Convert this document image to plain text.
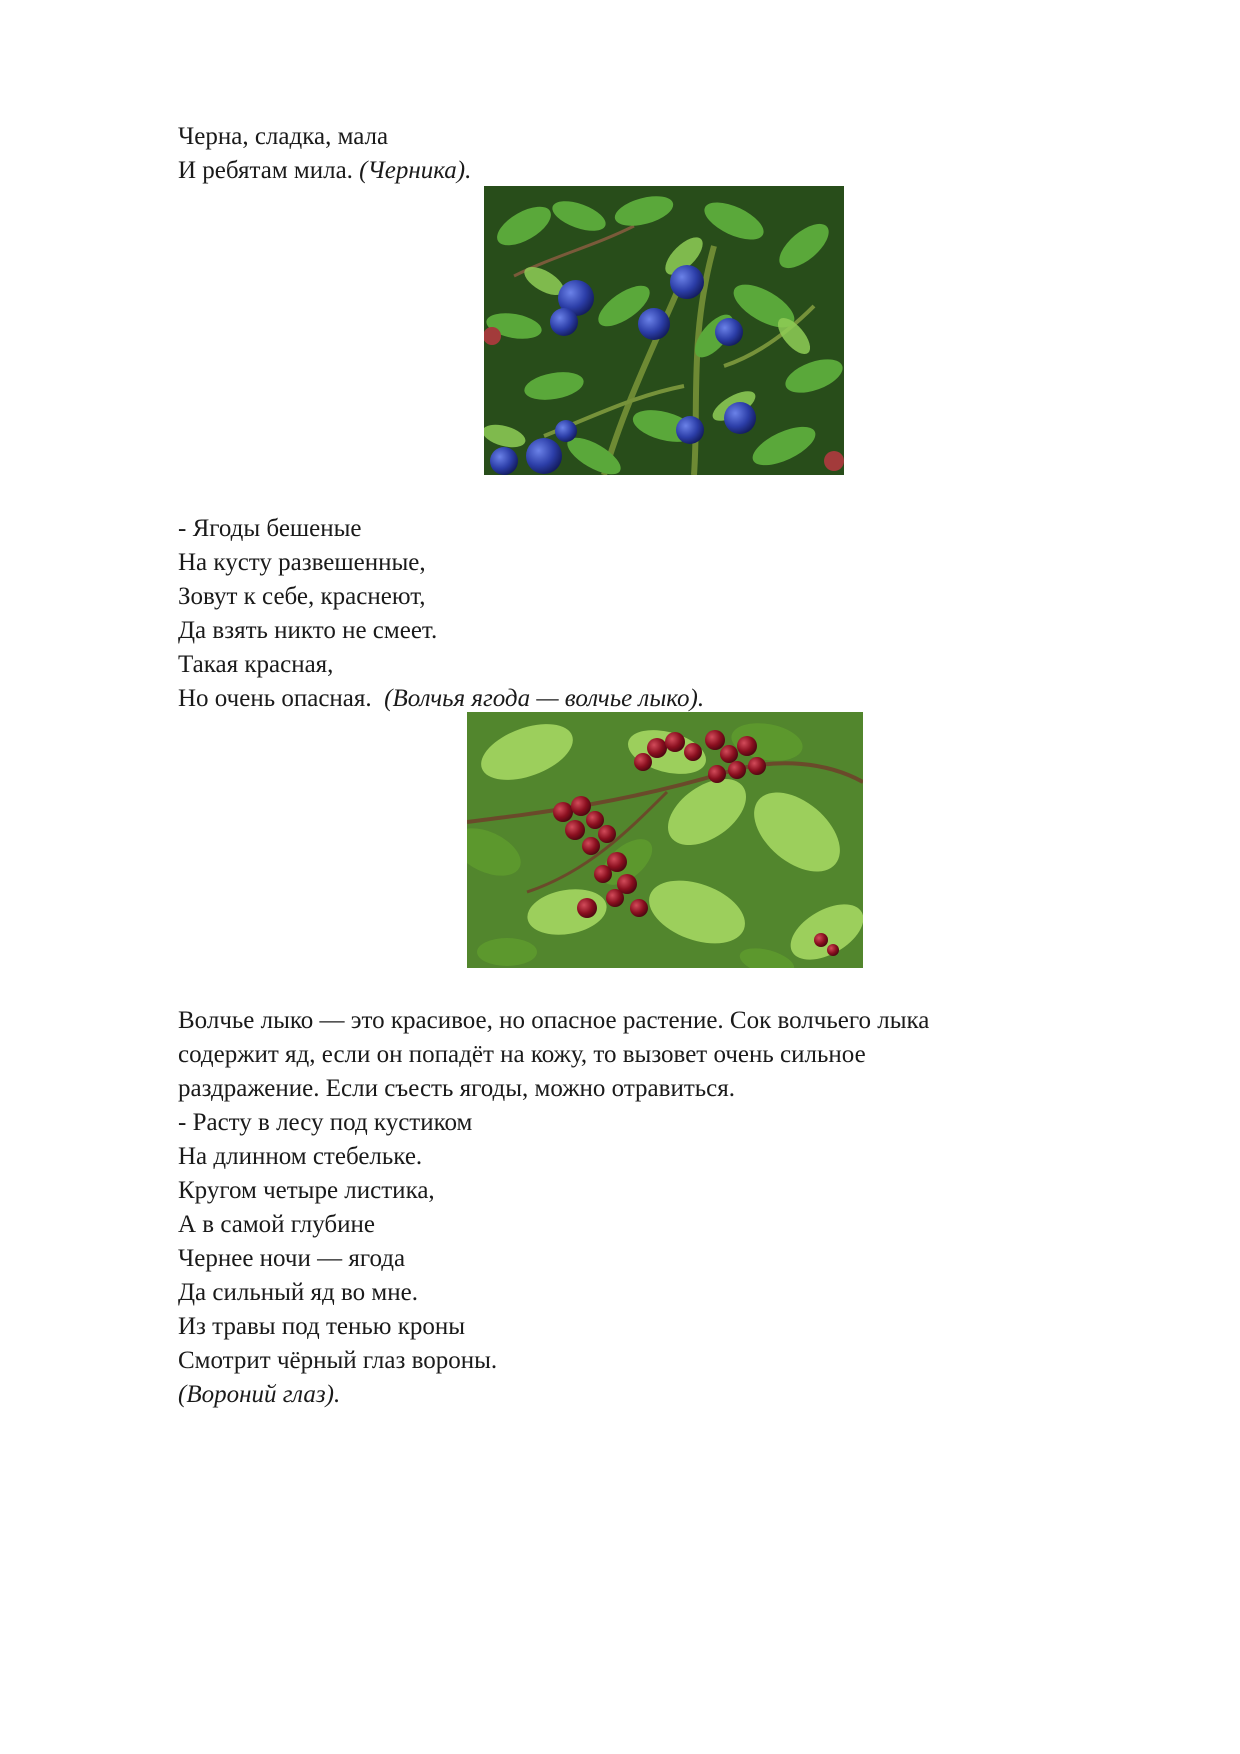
Черна, сладка, мала

И ребятам мила. (Черника).

- Ягоды бешеные

На кусту развешенные,

Зовут к себе, краснеют,

Да взять никто не смеет.

Такая красная,

Но очень опасная. (Волчья ягода — волчье лыко).

Волчье лыко — это красивое, но опасное растение. Сок волчьего лыка

содержит яд, если он попадёт на кожу, то вызовет очень сильное

раздражение. Если съесть ягоды, можно отравиться.

- Расту в лесу под кустиком

На длинном стебельке.

Кругом четыре листика,

А в самой глубине

Чернее ночи — ягода

Да сильный яд во мне.

Из травы под тенью кроны

Смотрит чёрный глаз вороны.

(Вороний глаз).
